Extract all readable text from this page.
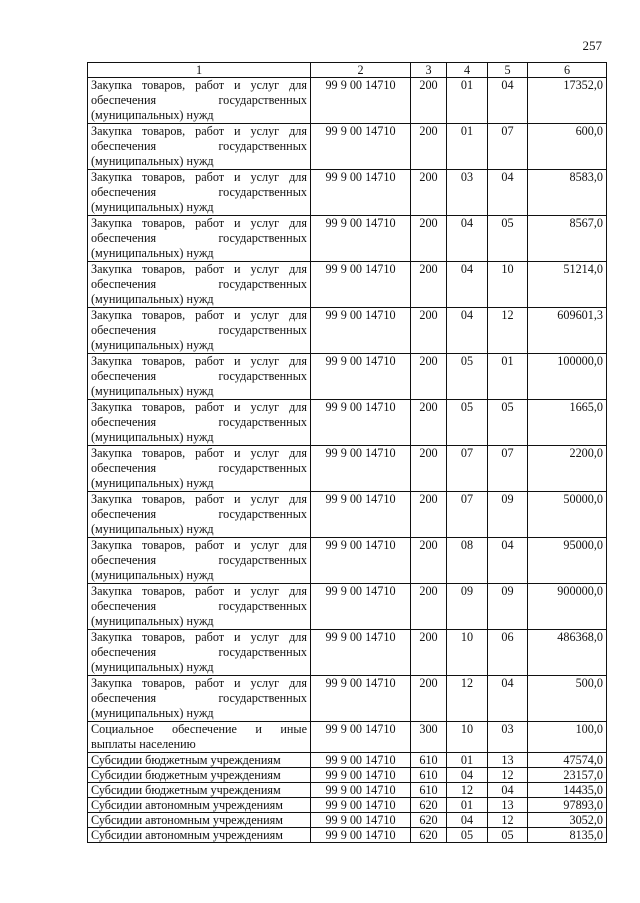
257
1	2	3	4	5	6
Закупка товаров, работ и услуг для обеспечения государственных (муниципальных) нужд	99 9 00 14710	200	01	04	17352,0
Закупка товаров, работ и услуг для обеспечения государственных (муниципальных) нужд	99 9 00 14710	200	01	07	600,0
Закупка товаров, работ и услуг для обеспечения государственных (муниципальных) нужд	99 9 00 14710	200	03	04	8583,0
Закупка товаров, работ и услуг для обеспечения государственных (муниципальных) нужд	99 9 00 14710	200	04	05	8567,0
Закупка товаров, работ и услуг для обеспечения государственных (муниципальных) нужд	99 9 00 14710	200	04	10	51214,0
Закупка товаров, работ и услуг для обеспечения государственных (муниципальных) нужд	99 9 00 14710	200	04	12	609601,3
Закупка товаров, работ и услуг для обеспечения государственных (муниципальных) нужд	99 9 00 14710	200	05	01	100000,0
Закупка товаров, работ и услуг для обеспечения государственных (муниципальных) нужд	99 9 00 14710	200	05	05	1665,0
Закупка товаров, работ и услуг для обеспечения государственных (муниципальных) нужд	99 9 00 14710	200	07	07	2200,0
Закупка товаров, работ и услуг для обеспечения государственных (муниципальных) нужд	99 9 00 14710	200	07	09	50000,0
Закупка товаров, работ и услуг для обеспечения государственных (муниципальных) нужд	99 9 00 14710	200	08	04	95000,0
Закупка товаров, работ и услуг для обеспечения государственных (муниципальных) нужд	99 9 00 14710	200	09	09	900000,0
Закупка товаров, работ и услуг для обеспечения государственных (муниципальных) нужд	99 9 00 14710	200	10	06	486368,0
Закупка товаров, работ и услуг для обеспечения государственных (муниципальных) нужд	99 9 00 14710	200	12	04	500,0
Социальное обеспечение и иные выплаты населению	99 9 00 14710	300	10	03	100,0
Субсидии бюджетным учреждениям	99 9 00 14710	610	01	13	47574,0
Субсидии бюджетным учреждениям	99 9 00 14710	610	04	12	23157,0
Субсидии бюджетным учреждениям	99 9 00 14710	610	12	04	14435,0
Субсидии автономным учреждениям	99 9 00 14710	620	01	13	97893,0
Субсидии автономным учреждениям	99 9 00 14710	620	04	12	3052,0
Субсидии автономным учреждениям	99 9 00 14710	620	05	05	8135,0
